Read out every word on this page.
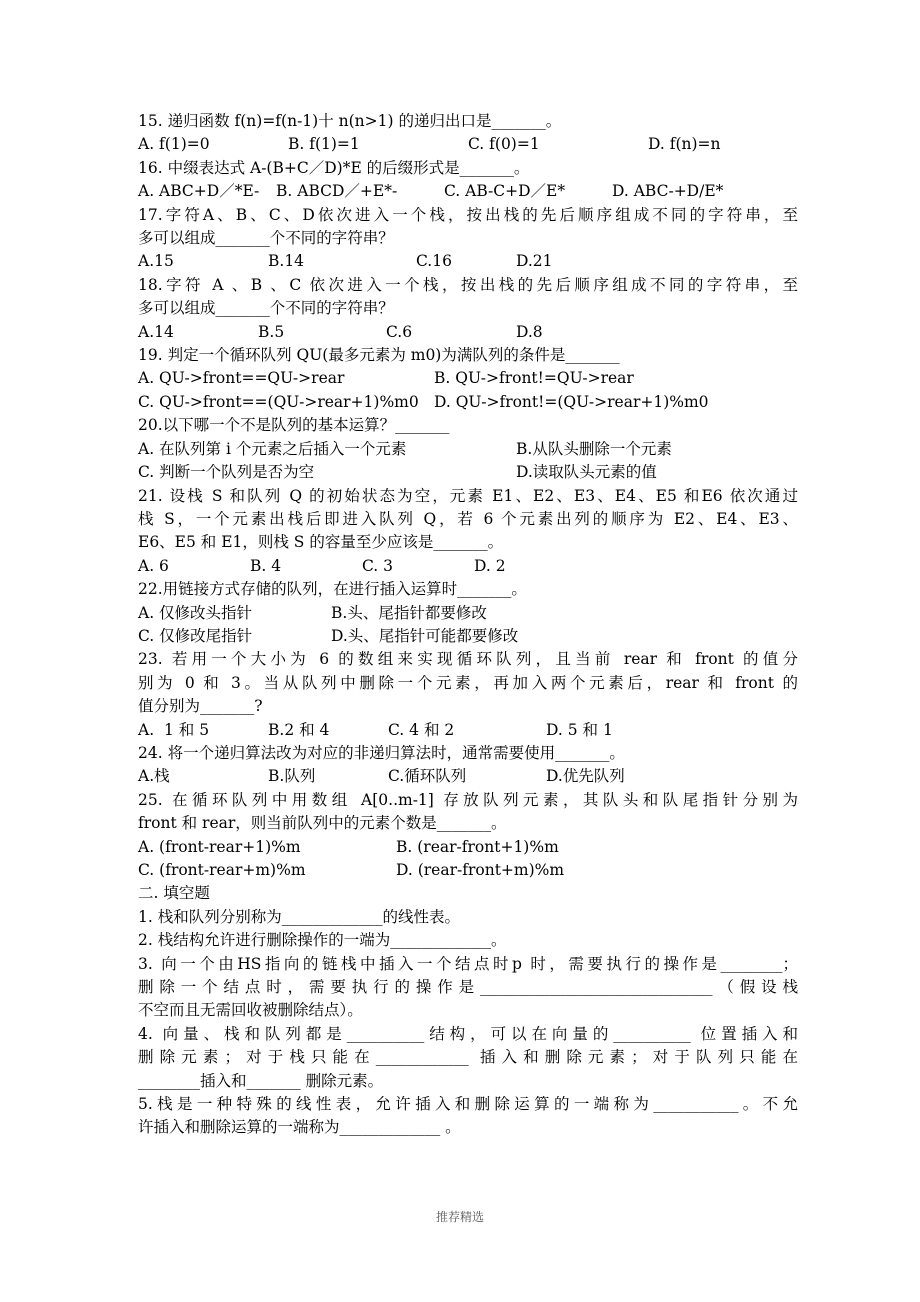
15. 递归函数 f(n)=f(n-1)十 n(n>1) 的递归出口是_______。
A. f(1)=0	B. f(1)=1	C. f(0)=1	D. f(n)=n
16. 中缀表达式 A-(B+C／D)*E 的后缀形式是_______。
A. ABC+D／*E-	B. ABCD／+E*-	C. AB-C+D／E*	D. ABC-+D/E*
17.字符A、B、C、D依次进入一个栈，按出栈的先后顺序组成不同的字符串，至
多可以组成_______个不同的字符串？
A.15	B.14	C.16	D.21
18.字符 A 、B 、C 依次进入一个栈，按出栈的先后顺序组成不同的字符串，至
多可以组成_______个不同的字符串？
A.14	B.5	C.6	D.8
19. 判定一个循环队列 QU(最多元素为 m0)为满队列的条件是_______
A. QU->front==QU->rear	B. QU->front!=QU->rear
C. QU->front==(QU->rear+1)%m0 D. QU->front!=(QU->rear+1)%m0
20.以下哪一个不是队列的基本运算？_______
A. 在队列第 i 个元素之后插入一个元素	B.从队头删除一个元素
C. 判断一个队列是否为空	D.读取队头元素的值
21. 设栈 S 和队列 Q 的初始状态为空，元素 E1、E2、E3、E4、E5 和E6 依次通过
栈 S，一个元素出栈后即进入队列 Q，若 6 个元素出列的顺序为 E2、E4、E3、
E6、E5 和 E1，则栈 S 的容量至少应该是_______。
A. 6	B. 4	C. 3	D. 2
22.用链接方式存储的队列，在进行插入运算时_______。
A. 仅修改头指针	B.头、尾指针都要修改
C. 仅修改尾指针	D.头、尾指针可能都要修改
23. 若用一个大小为 6 的数组来实现循环队列，且当前 rear 和 front 的值分
别为 0 和 3。当从队列中删除一个元素，再加入两个元素后，rear 和 front 的
值分别为_______?
A.  1 和 5	B.2 和 4	C. 4 和 2	D. 5 和 1
24. 将一个递归算法改为对应的非递归算法时，通常需要使用_______。
A.栈	B.队列	C.循环队列	D.优先队列
25. 在循环队列中用数组 A[0..m-1] 存放队列元素，其队头和队尾指针分别为
front 和 rear，则当前队列中的元素个数是_______。
A. (front-rear+1)%m	B. (rear-front+1)%m
C. (front-rear+m)%m	D. (rear-front+m)%m
二. 填空题
1. 栈和队列分别称为_____________的线性表。
2. 栈结构允许进行删除操作的一端为_____________。
3. 向一个由HS指向的链栈中插入一个结点时p 时，需要执行的操作是________；
删除一个结点时，需要执行的操作是______________________________（假设栈
不空而且无需回收被删除结点）。
4. 向量、栈和队列都是__________结构，可以在向量的__________ 位置插入和
删除元素；对于栈只能在____________ 插入和删除元素；对于队列只能在
________插入和_______ 删除元素。
5.栈是一种特殊的线性表，允许插入和删除运算的一端称为___________。不允
许插入和删除运算的一端称为_____________ 。
推荐精选
